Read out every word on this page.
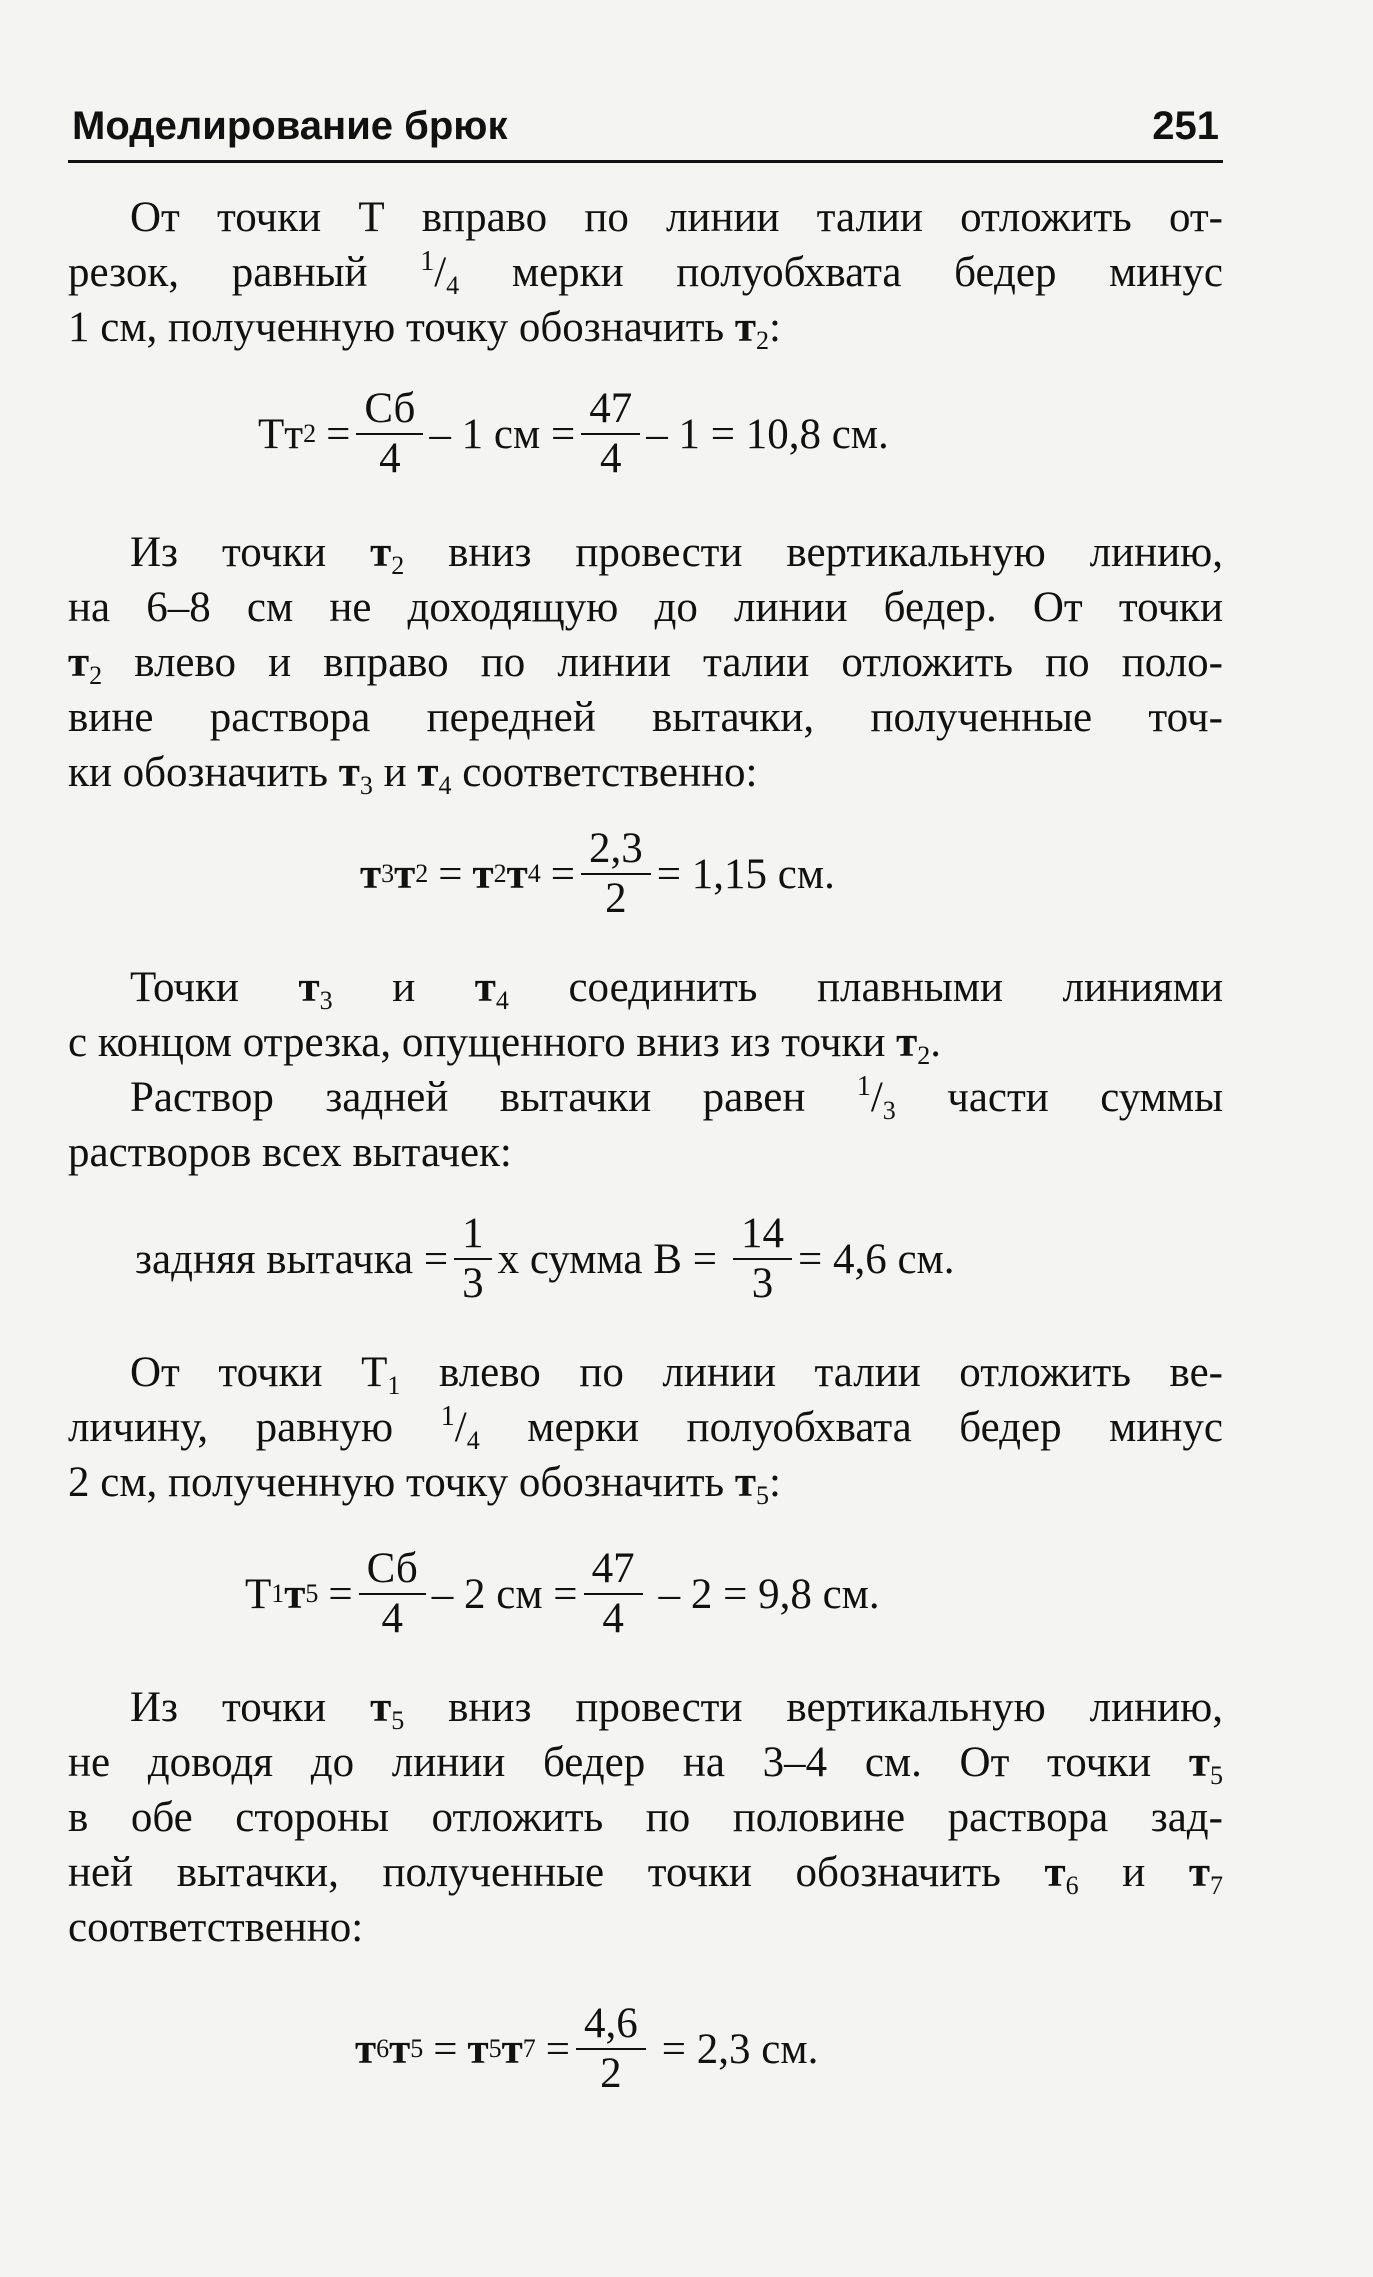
Моделирование брюк	251
От точки Т вправо по линии талии отложить от-
резок, равный $^1/_4$ мерки полуобхвата бедер минус
1 см, полученную точку обозначить $т_2$:
Тт $2 = \frac{Сб}{4} - 1$ см = $\frac{47}{4} - 1 = 10,8$ см.
Из точки $т_2$ вниз провести вертикальную линию,
на 6–8 см не доходящую до линии бедер. От точки
$т_2$ влево и вправо по линии талии отложить по поло-
вине раствора передней вытачки, полученные точ-
ки обозначить $т_3$ и $т_4$ соответственно:
т 3 т 2 = т 2 т $4 = \frac{2,3}{2} = 1,15$ см.
Точки $т_3$ и $т_4$ соединить плавными линиями
с концом отрезка, опущенного вниз из точки $т_2$.
Раствор задней вытачки равен $^1/_3$ части суммы
растворов всех вытачек:
задняя вытачка = $\frac{1}{3}$ х сумма $В = \frac{14}{3} = 4,6$ см.
От точки $Т_1$ влево по линии талии отложить ве-
личину, равную $^1/_4$ мерки полуобхвата бедер минус
2 см, полученную точку обозначить $т_5$:
Т 1 т $5 = \frac{Сб}{4} - 2$ см = $\frac{47}{4} - 2 = 9,8$ см.
Из точки $т_5$ вниз провести вертикальную линию,
не доводя до линии бедер на 3–4 см. От точки $т_5$
в обе стороны отложить по половине раствора зад-
ней вытачки, полученные точки обозначить $т_6$ и $т_7$
соответственно:
т 6 т 5 = т 5 т $7 = \frac{4,6}{2} = 2,3$ см.
